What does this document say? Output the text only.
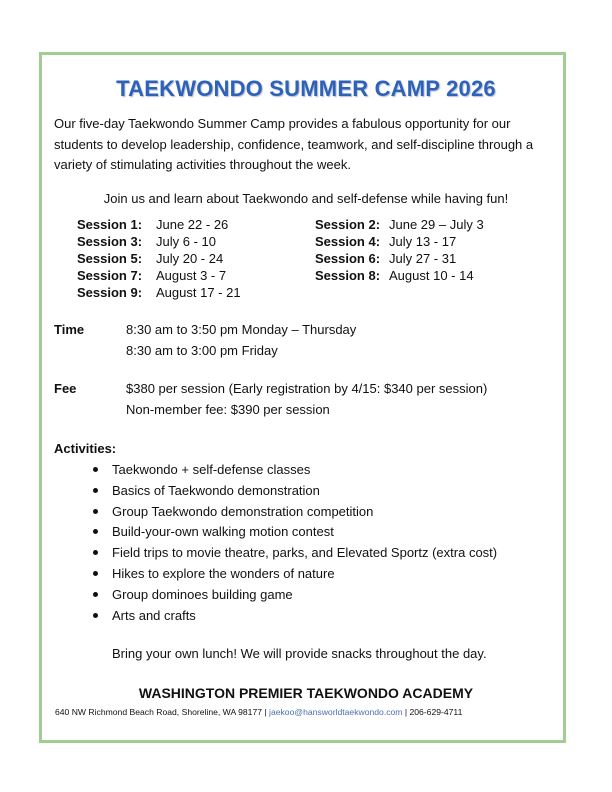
TAEKWONDO SUMMER CAMP 2026
Our five-day Taekwondo Summer Camp provides a fabulous opportunity for our students to develop leadership, confidence, teamwork, and self-discipline through a variety of stimulating activities throughout the week.
Join us and learn about Taekwondo and self-defense while having fun!
Session 1: June 22 - 26	Session 2: June 29 – July 3
Session 3: July 6 - 10	Session 4: July 13 - 17
Session 5: July 20 - 24	Session 6: July 27 - 31
Session 7: August 3 - 7	Session 8: August 10 - 14
Session 9: August 17 - 21
Time	8:30 am to 3:50 pm Monday – Thursday
8:30 am to 3:00 pm Friday
Fee	$380 per session (Early registration by 4/15: $340 per session)
Non-member fee: $390 per session
Activities:
Taekwondo + self-defense classes
Basics of Taekwondo demonstration
Group Taekwondo demonstration competition
Build-your-own walking motion contest
Field trips to movie theatre, parks, and Elevated Sportz (extra cost)
Hikes to explore the wonders of nature
Group dominoes building game
Arts and crafts
Bring your own lunch! We will provide snacks throughout the day.
WASHINGTON PREMIER TAEKWONDO ACADEMY
640 NW Richmond Beach Road, Shoreline, WA 98177 | jaekoo@hansworldtaekwondo.com | 206-629-4711
